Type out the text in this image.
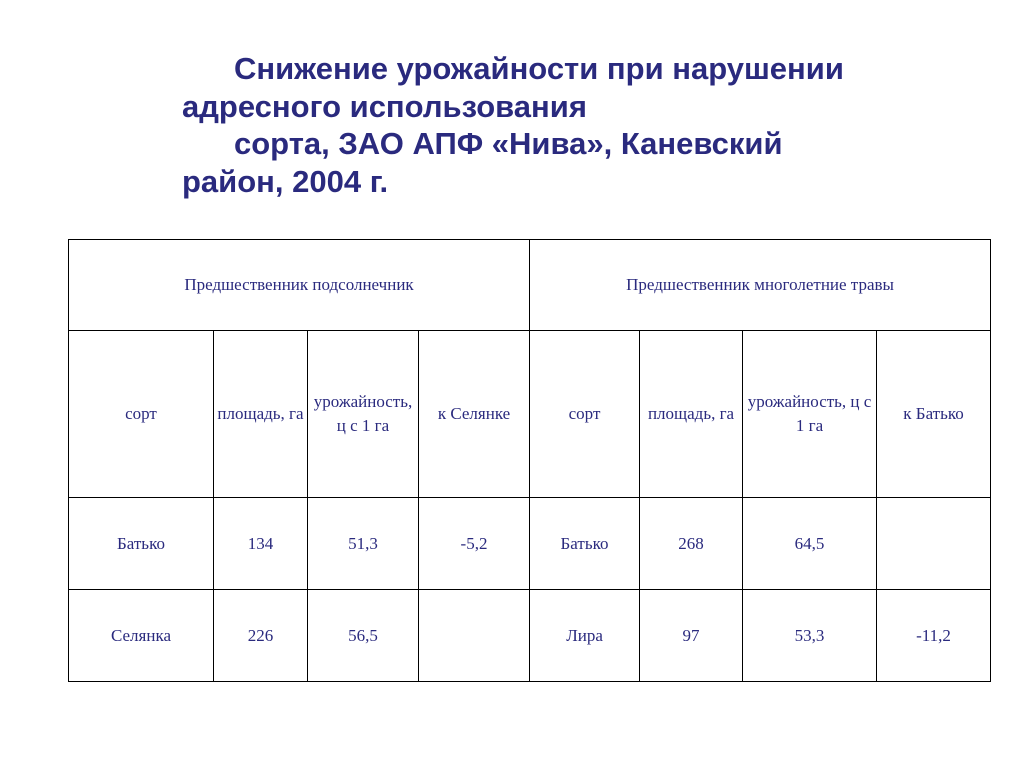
Снижение урожайности при нарушении
адресного использования
сорта, ЗАО АПФ «Нива», Каневский
район, 2004 г.
Предшественник подсолнечник				Предшественник многолетние травы			
сорт	площадь, га	урожайность, ц с 1 га	к Селянке	сорт	площадь, га	урожайность, ц с 1 га	к Батько
Батько	134	51,3	-5,2	Батько	268	64,5	
Селянка	226	56,5		Лира	97	53,3	-11,2
